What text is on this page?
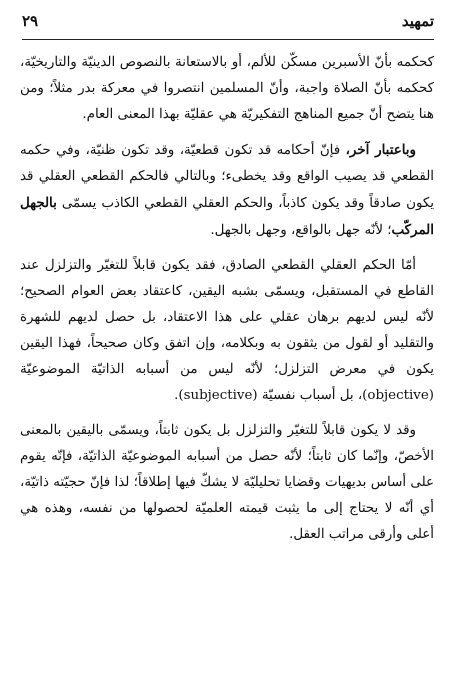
تمهيد
٢٩

كحكمه بأنّ الأسبرين مسكّن للألم، أو بالاستعانة بالنصوص الدينيّة والتاريخيّة، كحكمه بأنّ الصلاة واجبة، وأنّ المسلمين انتصروا في معركة بدر مثلاً؛ ومن هنا يتضح أنّ جميع المناهج التفكيريّة هي عقليّة بهذا المعنى العام.

وباعتبار آخر، فإنّ أحكامه قد تكون قطعيّة، وقد تكون ظنيّة، وفي حكمه القطعي قد يصيب الواقع وقد يخطىء؛ وبالتالي فالحكم القطعي العقلي قد يكون صادقاً وقد يكون كاذباً، والحكم العقلي القطعي الكاذب يسمّى بالجهل المركّب؛ لأنّه جهل بالواقع، وجهل بالجهل.

أمّا الحكم العقلي القطعي الصادق، فقد يكون قابلاً للتغيّر والتزلزل عند القاطع في المستقبل، ويسمّى بشبه اليقين، كاعتقاد بعض العوام الصحيح؛ لأنّه ليس لديهم برهان عقلي على هذا الاعتقاد، بل حصل لديهم للشهرة والتقليد أو لقول من يثقون به وبكلامه، وإن اتفق وكان صحيحاً، فهذا اليقين يكون في معرض التزلزل؛ لأنّه ليس من أسبابه الذاتيّة الموضوعيّة (objective)، بل أسباب نفسيّة (subjective).

وقد لا يكون قابلاً للتغيّر والتزلزل بل يكون ثابتاً، ويسمّى باليقين بالمعنى الأخصّ، وإنّما كان ثابتاً؛ لأنّه حصل من أسبابه الموضوعيّة الذاتيّة، فإنّه يقوم على أساس بديهيات وقضايا تحليليّة لا يشكّ فيها إطلاقاً؛ لذا فإنّ حجيّته ذاتيّة، أي أنّه لا يحتاج إلى ما يثبت قيمته العلميّة لحصولها من نفسه، وهذه هي أعلى وأرقى مراتب العقل.
